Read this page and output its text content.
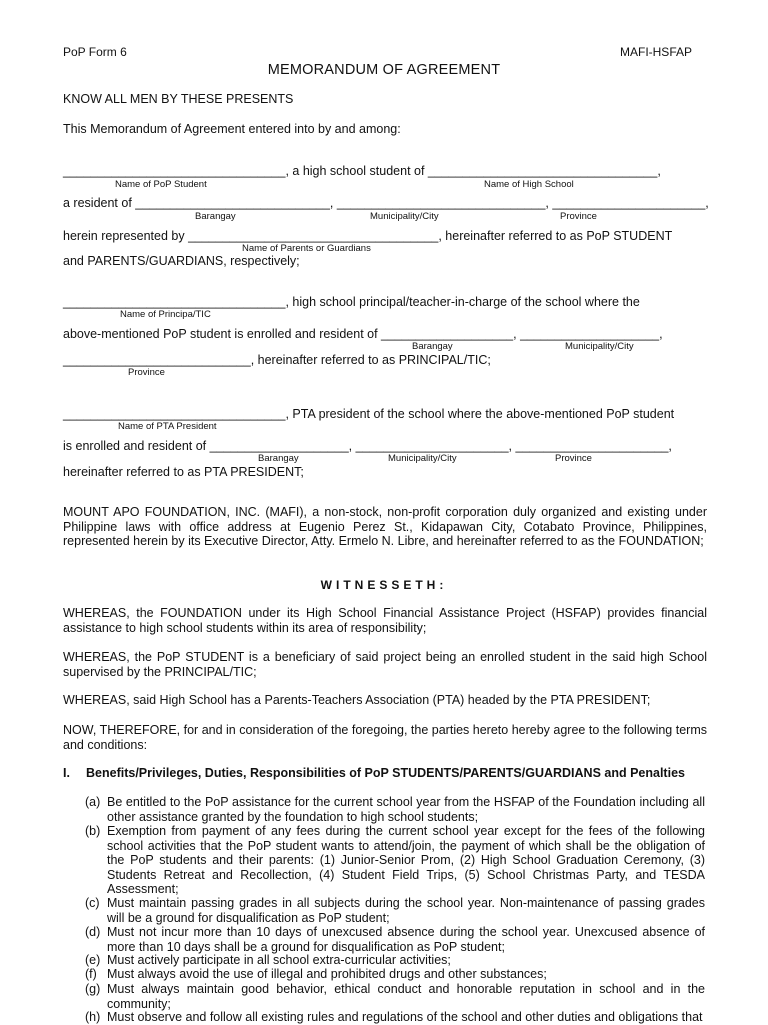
PoP Form 6	MAFI-HSFAP
MEMORANDUM OF AGREEMENT
KNOW ALL MEN BY THESE PRESENTS
This Memorandum of Agreement entered into by and among:
________________________________, a high school student of _________________________________,
Name of PoP Student	Name of High School
a resident of ____________________________, ______________________________, ______________________,
Barangay	Municipality/City	Province
herein represented by ____________________________________, hereinafter referred to as PoP STUDENT
Name of Parents or Guardians
and PARENTS/GUARDIANS, respectively;
________________________________, high school principal/teacher-in-charge of the school where the
Name of Principa/TIC
above-mentioned PoP student is enrolled and resident of ___________________, ____________________,
Barangay	Municipality/City
___________________________, hereinafter referred to as PRINCIPAL/TIC;
Province
________________________________, PTA president of the school where the above-mentioned PoP student
Name of PTA President
is enrolled and resident of ____________________, ______________________, ______________________,
Barangay	Municipality/City	Province
hereinafter referred to as PTA PRESIDENT;
MOUNT APO FOUNDATION, INC. (MAFI), a non-stock, non-profit corporation duly organized and existing under Philippine laws with office address at Eugenio Perez St., Kidapawan City, Cotabato Province, Philippines, represented herein by its Executive Director, Atty. Ermelo N. Libre, and hereinafter referred to as the FOUNDATION;
WITNESSETH:
WHEREAS, the FOUNDATION under its High School Financial Assistance Project (HSFAP) provides financial assistance to high school students within its area of responsibility;
WHEREAS, the PoP STUDENT is a beneficiary of said project being an enrolled student in the said high School supervised by the PRINCIPAL/TIC;
WHEREAS, said High School has a Parents-Teachers Association (PTA) headed by the PTA PRESIDENT;
NOW, THEREFORE, for and in consideration of the foregoing, the parties hereto hereby agree to the following terms and conditions:
I. Benefits/Privileges, Duties, Responsibilities of PoP STUDENTS/PARENTS/GUARDIANS and Penalties
(a) Be entitled to the PoP assistance for the current school year from the HSFAP of the Foundation including all other assistance granted by the foundation to high school students;
(b) Exemption from payment of any fees during the current school year except for the fees of the following school activities that the PoP student wants to attend/join, the payment of which shall be the obligation of the PoP students and their parents: (1) Junior-Senior Prom, (2) High School Graduation Ceremony, (3) Students Retreat and Recollection, (4) Student Field Trips, (5) School Christmas Party, and TESDA Assessment;
(c) Must maintain passing grades in all subjects during the school year. Non-maintenance of passing grades will be a ground for disqualification as PoP student;
(d) Must not incur more than 10 days of unexcused absence during the school year. Unexcused absence of more than 10 days shall be a ground for disqualification as PoP student;
(e) Must actively participate in all school extra-curricular activities;
(f) Must always avoid the use of illegal and prohibited drugs and other substances;
(g) Must always maintain good behavior, ethical conduct and honorable reputation in school and in the community;
(h) Must observe and follow all existing rules and regulations of the school and other duties and obligations that
